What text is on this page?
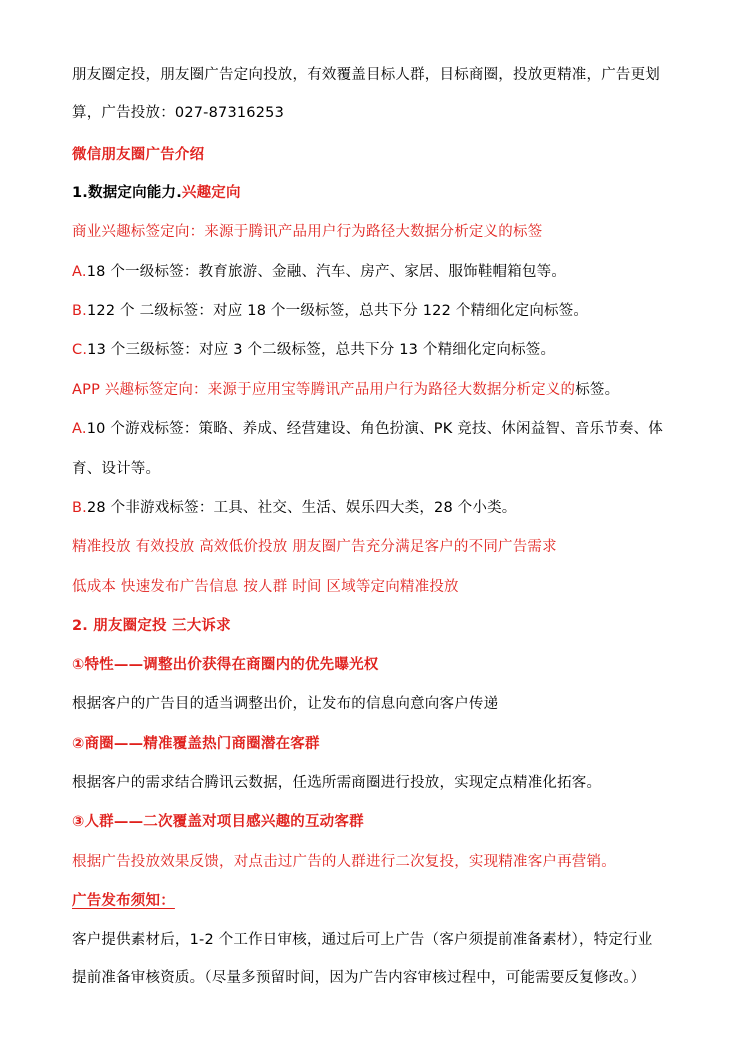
朋友圈定投，朋友圈广告定向投放，有效覆盖目标人群，目标商圈，投放更精准，广告更划
算，广告投放：027-87316253
微信朋友圈广告介绍
1.数据定向能力.兴趣定向
商业兴趣标签定向：来源于腾讯产品用户行为路径大数据分析定义的标签
A.18 个一级标签：教育旅游、金融、汽车、房产、家居、服饰鞋帽箱包等。
B.122 个 二级标签：对应 18 个一级标签，总共下分 122 个精细化定向标签。
C.13 个三级标签：对应 3 个二级标签，总共下分 13 个精细化定向标签。
APP 兴趣标签定向：来源于应用宝等腾讯产品用户行为路径大数据分析定义的标签。
A.10 个游戏标签：策略、养成、经营建设、角色扮演、PK 竞技、休闲益智、音乐节奏、体
育、设计等。
B.28 个非游戏标签：工具、社交、生活、娱乐四大类，28 个小类。
精准投放 有效投放 高效低价投放 朋友圈广告充分满足客户的不同广告需求
低成本 快速发布广告信息 按人群 时间 区域等定向精准投放
2. 朋友圈定投 三大诉求
①特性——调整出价获得在商圈内的优先曝光权
根据客户的广告目的适当调整出价，让发布的信息向意向客户传递
②商圈——精准覆盖热门商圈潜在客群
根据客户的需求结合腾讯云数据，任选所需商圈进行投放，实现定点精准化拓客。
③人群——二次覆盖对项目感兴趣的互动客群
根据广告投放效果反馈，对点击过广告的人群进行二次复投，实现精准客户再营销。
广告发布须知：
客户提供素材后，1-2 个工作日审核，通过后可上广告（客户须提前准备素材），特定行业
提前准备审核资质。（尽量多预留时间，因为广告内容审核过程中，可能需要反复修改。）
